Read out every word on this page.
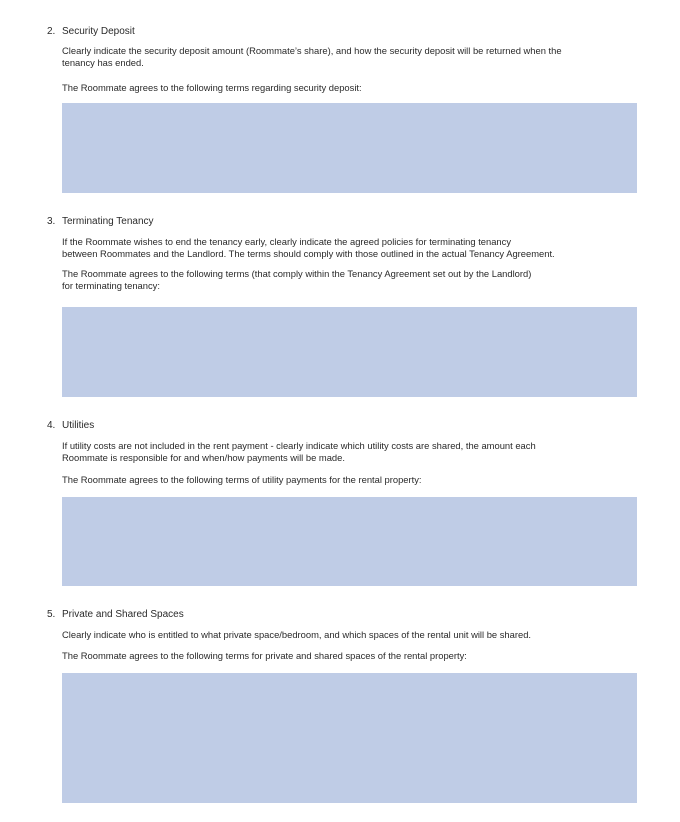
2. Security Deposit

Clearly indicate the security deposit amount (Roommate’s share), and how the security deposit will be returned when the
tenancy has ended.

The Roommate agrees to the following terms regarding security deposit:

3. Terminating Tenancy

If the Roommate wishes to end the tenancy early, clearly indicate the agreed policies for terminating tenancy
between Roommates and the Landlord. The terms should comply with those outlined in the actual Tenancy Agreement.

The Roommate agrees to the following terms (that comply within the Tenancy Agreement set out by the Landlord)
for terminating tenancy:

4. Utilities

If utility costs are not included in the rent payment - clearly indicate which utility costs are shared, the amount each
Roommate is responsible for and when/how payments will be made.

The Roommate agrees to the following terms of utility payments for the rental property:

5. Private and Shared Spaces

Clearly indicate who is entitled to what private space/bedroom, and which spaces of the rental unit will be shared.

The Roommate agrees to the following terms for private and shared spaces of the rental property:
